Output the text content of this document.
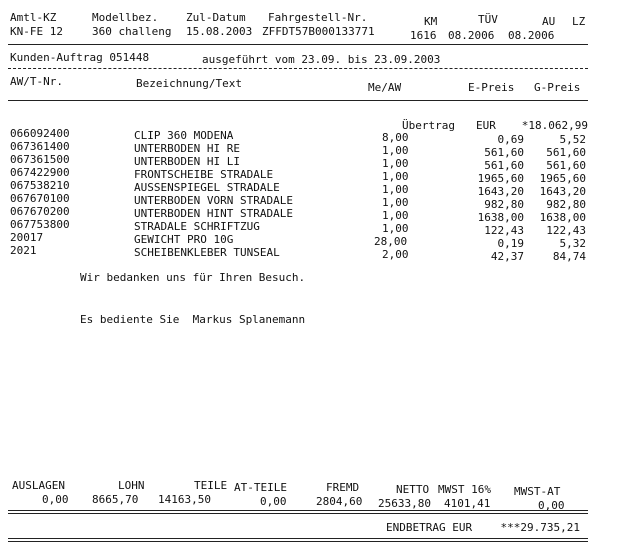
Amtl-KZ	Modellbez.	Zul-Datum Fahrgestell-Nr.	KM	TÜV	AU LZ
KN-FE 12	360 challeng 15.08.2003 ZFFDT57B000133771	1616 08.2006 08.2006
Kunden-Auftrag 051448	ausgeführt vom 23.09. bis 23.09.2003
AW/T-Nr.	Bezeichnung/Text	Me/AW	E-Preis G-Preis
Übertrag EUR *18.062,99
066092400	CLIP 360 MODENA	8,00	0,69	5,52
067361400	UNTERBODEN HI RE	1,00	561,60 561,60
067361500	UNTERBODEN HI LI	1,00	561,60 561,60
067422900	FRONTSCHEIBE STRADALE	1,00	1965,60 1965,60
067538210	AUSSENSPIEGEL STRADALE	1,00	1643,20 1643,20
067670100	UNTERBODEN VORN STRADALE	1,00	982,80 982,80
067670200	UNTERBODEN HINT STRADALE	1,00	1638,00 1638,00
067753800	STRADALE SCHRIFTZUG	1,00	122,43 122,43
20017	GEWICHT PRO 10G	28,00	0,19	5,32
2021	SCHEIBENKLEBER TUNSEAL	2,00	42,37	84,74
Wir bedanken uns für Ihren Besuch.
Es bediente Sie  Markus Splanemann
AUSLAGEN	LOHN	TEILE AT-TEILE	FREMD	NETTO MWST 16% MWST-AT
0,00 8665,70 14163,50	0,00	2804,60 25633,80 4101,41	0,00
ENDBETRAG EUR	***29.735,21
